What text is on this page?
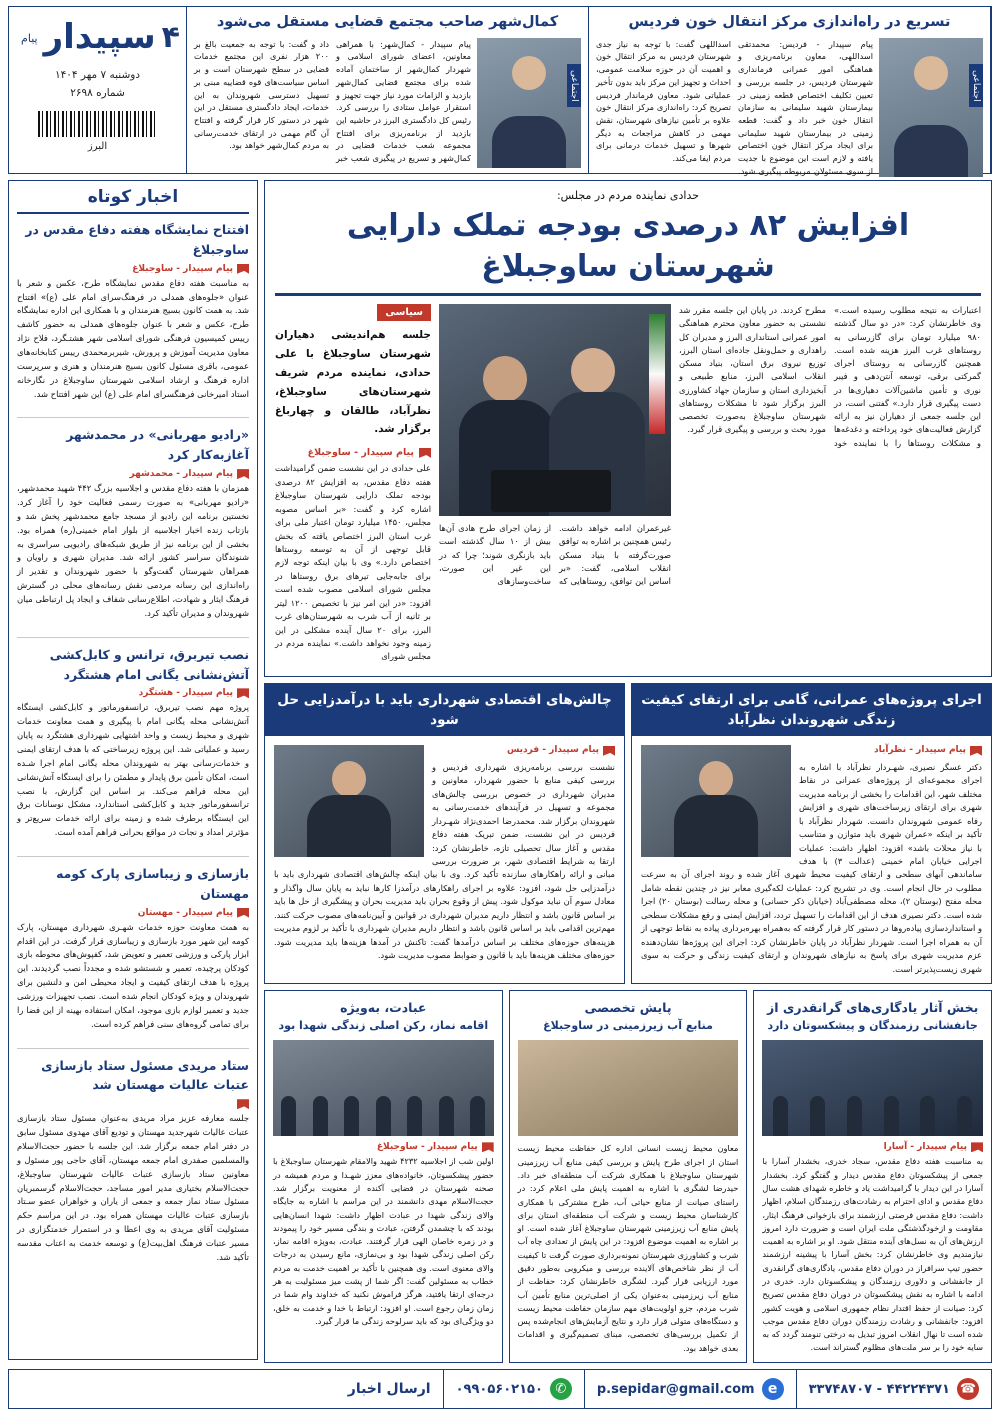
تسریع در راه‌اندازی مرکز انتقال خون فردیس
اجتماعی
پیام سپیدار - فردیس: محمدتقی اسداللهی، معاون برنامه‌ریزی و هماهنگی امور عمرانی فرمانداری شهرستان فردیس، در جلسه بررسی و تعیین تکلیف اختصاص قطعه زمینی در بیمارستان شهید سلیمانی به سازمان انتقال خون خبر داد و گفت: قطعه زمینی در بیمارستان شهید سلیمانی برای ایجاد مرکز انتقال خون اختصاص یافته و لازم است این موضوع با جدیت از سوی مسئولان مربوطه پیگیری شود. اسداللهی گفت: با توجه به نیاز جدی شهرستان فردیس به مرکز انتقال خون و اهمیت آن در حوزه سلامت عمومی، احداث و تجهیز این مرکز باید بدون تأخیر عملیاتی شود. معاون فرماندار فردیس تصریح کرد: راه‌اندازی مرکز انتقال خون علاوه بر تأمین نیازهای شهرستان، نقش مهمی در کاهش مراجعات به دیگر شهرها و تسهیل خدمات درمانی برای مردم ایفا می‌کند.
کمال‌شهر صاحب مجتمع قضایی مستقل می‌شود
اجتماعی
پیام سپیدار - کمال‌شهر: با همراهی معاونین، اعضای شورای اسلامی و شهردار کمال‌شهر از ساختمان آماده شده برای مجتمع قضایی کمال‌شهر بازدید و الزامات مورد نیاز جهت تجهیز و استقرار عوامل ستادی را بررسی کرد. رئیس کل دادگستری البرز در حاشیه این بازدید از برنامه‌ریزی برای افتتاح مجموعه شعب خدمات قضایی در کمال‌شهر و تسریع در پیگیری شعب خبر داد و گفت: با توجه به جمعیت بالغ بر ۲۰۰ هزار نفری این مجتمع خدمات قضایی در سطح شهرستان است و بر اساس سیاست‌های قوه قضاییه مبنی بر تسهیل دسترسی شهروندان به این خدمات، ایجاد دادگستری مستقل در این شهر در دستور کار قرار گرفته و افتتاح آن گام مهمی در ارتقای خدمت‌رسانی به مردم کمال‌شهر خواهد بود.
۴
سپیدار
پیام
دوشنبه ۷ مهر ۱۴۰۴
شماره ۲۶۹۸
البرز
حدادی نماینده مردم در مجلس:
افزایش ۸۲ درصدی بودجه تملک دارایی شهرستان ساوجبلاغ
اعتبارات به نتیجه مطلوب رسیده است.» وی خاطرنشان کرد: «در دو سال گذشته ۹۸۰ میلیارد تومان برای گازرسانی به روستاهای غرب البرز هزینه شده است. همچنین گازرسانی به روستای اجرای گمرکتی برقی، توسعه آنتن‌دهی و فیبر نوری و تأمین ماشین‌آلات دهیاری‌ها در دست پیگیری قرار دارد.» گفتنی است، در این جلسه جمعی از دهیاران نیز به ارائه گزارش فعالیت‌های خود پرداخته و دغدغه‌ها و مشکلات روستاها را با نماینده خود مطرح کردند. در پایان این جلسه مقرر شد نشستی به حضور معاون محترم هماهنگی امور عمرانی استانداری البرز و مدیران کل راهداری و حمل‌ونقل جاده‌ای استان البرز، توزیع نیروی برق استان، بنیاد مسکن انقلاب اسلامی البرز، منابع طبیعی و آبخیزداری استان و سازمان جهاد کشاورزی البرز برگزار شود تا مشکلات روستاهای شهرستان ساوجبلاغ به‌صورت تخصصی مورد بحث و بررسی و پیگیری قرار گیرد.
غیرعمران ادامه خواهد داشت. رئیس همچنین بر اشاره به توافق صورت‌گرفته با بنیاد مسکن انقلاب اسلامی، گفت: «بر اساس این توافق، روستاهایی که از زمان اجرای طرح هادی آن‌ها بیش از ۱۰ سال گذشته است باید بازنگری شوند؛ چرا که در این غیر این صورت، ساخت‌وسازهای
سیاسی
جلسه هم‌اندیشی دهیاران شهرستان ساوجبلاغ با علی حدادی، نماینده مردم شریف شهرستان‌های ساوجبلاغ، نظرآباد، طالقان و چهارباغ برگزار شد.
پیام سپیدار - ساوجبلاغ

علی حدادی در این نشست ضمن گرامیداشت هفته دفاع مقدس، به افزایش ۸۲ درصدی بودجه تملک دارایی شهرستان ساوجبلاغ اشاره کرد و گفت: «بر اساس مصوبه مجلس، ۱۴۵۰ میلیارد تومان اعتبار ملی برای غرب استان البرز اختصاص یافته که بخش قابل توجهی از آن به توسعه روستاها اختصاص دارد.» وی با بیان اینکه توجه لازم برای جابه‌جایی تیرهای برق روستاها در مجلس شورای اسلامی مصوب شده است افزود: «در این امر نیز با تخصیص ۱۲۰۰ لیتر بر ثانیه از آب شرب به شهرستان‌های غرب البرز، برای ۲۰ سال آینده مشکلی در این زمینه وجود نخواهد داشت.» نماینده مردم در مجلس شورای

اجرای پروژه‌های عمرانی، گامی برای ارتقای کیفیت زندگی شهروندان نظرآباد
پیام سپیدار - نظرآباد

دکتر عسگر نصیری، شهـردار نظرآباد با اشاره به اجرای مجموعه‌ای از پروژه‌های عمرانی در نقاط مختلف شهر، این اقدامات را بخشی از برنامه مدیریت شهری برای ارتقای زیرساخت‌های شهری و افزایش رفاه عمومی شهروندان دانست. شهردار نظرآباد با تأکید بر اینکه «عمران شهری باید متوازن و متناسب با نیاز محلات باشد» افزود: اظهار داشت: عملیات اجرایی خیابان امام خمینی (عدالت ۳) با هدف ساماندهی آبهای سطحی و ارتقای کیفیت محیط شهری آغاز شده و روند اجرای آن به سرعت مطلوب در حال انجام است. وی در تشریح کرد: عملیات لکه‌گیری معابر نیز در چندین نقطه شامل محله مفتح (بوستان ۲)، محله مصطفی‌آباد (خیابان ذکر حسانی) و محله رسالت (بوستان ۲۰) اجرا شده است. دکتر نصیری هدف از این اقدامات را تسهیل تردد، افزایش ایمنی و رفع مشکلات سطحی و استانداردسازی پیاده‌روها در دستور کار قرار گرفته که به‌همراه بهره‌برداری پیاده به نقاط توجهی از آن به همراه اجرا است. شهردار نظرآباد در پایان خاطرنشان کرد: اجرای این پروژه‌ها نشان‌دهنده عزم مدیریت شهری برای پاسخ به نیازهای شهروندان و ارتقای کیفیت زندگی و حرکت به سوی شهری زیست‌پذیرتر است.

چالش‌های اقتصادی شهرداری باید با درآمدزایی حل شود
پیام سپیدار - فردیس

نشست بررسی برنامه‌ریزی شهرداری فردیس و بررسی کیفی منابع با حضور شهردار، معاونین و مدیران شهرداری در خصوص بررسی چالش‌های مجموعه و تسهیل در فرآیندهای خدمت‌رسانی به شهروندان برگزار شد. محمدرضا احمدی‌نژاد شهـردار فردیس در این نشست، ضمن تبریک هفته دفاع مقدس و آغاز سال تحصیلی تازه، خاطرنشان کرد: ارتقا به شرایط اقتصادی شهر، بر ضرورت بررسی مبانی و ارائه راهکارهای سازنده تأکید کرد. وی با بیان اینکه چالش‌های اقتصادی شهرداری باید با درآمدزایی حل شود، افزود: علاوه بر اجرای راهکارهای درآمدزا کارها نباید به پایان سال واگذار و معادل سوم آن نباید موکول شود. پیش از وقوع بحران باید مدیریت بحران و پیشگیری از حل ها باید بر اساس قانون باشد و انتظار داریم مدیران شهرداری در قوانین و آیین‌نامه‌های مصوب حرکت کنند. مهم‌ترین اقدامی باید بر اساس قانون باشد و انتظار داریم مدیران شهرداری با تأکید بر لزوم مدیریت هزینه‌های حوزه‌های مختلف بر اساس درآمدها گفت: تاکنش در آمدها هزینه‌ها باید مدیریت شود. حوزه‌های مختلف هزینه‌ها باید با قانون و ضوابط مصوب مدیریت شود.

بخش آثار یادگاری‌های گرانقدری از
جانفشانی رزمندگان و پیشکسوتان دارد
پیام سپیدار - آسارا

به مناسبت هفته دفاع مقدس، سجاد خدری، بخشدار آسارا با جمعی از پیشکسوتان دفاع مقدس دیدار و گفتگو کرد. بخشدار آسارا در این دیدار با گرامیداشت یاد و خاطره شهدای هشت سال دفاع مقدس و ادای احترام به رشادت‌های رزمندگان اسلام، اظهار داشت: دفاع مقدس فرصتی ارزشمند برای بازخوانی فرهنگ ایثار، مقاومت و ازخودگذشتگی ملت ایران است و ضرورت دارد امروز ارزش‌های آن به نسل‌های آینده منتقل شود. او بر اشاره به اهمیت نیازمندیم وی خاطرنشان کرد: بخش آسارا با پیشینه ارزشمند حضور تیپ سرافراز در دوران دفاع مقدس، یادگاری‌های گرانقدری از جانفشانی و دلاوری رزمندگان و پیشکسوتان دارد. خدری در ادامه با اشاره به نقش پیشکسوتان در دوران دفاع مقدس تصریح کرد: صیانت از حفظ اقتدار نظام جمهوری اسلامی و هویت کشور افزود: جانفشانی و رشادت رزمندگان دوران دفاع مقدس موجب شده است تا نهال انقلاب امروز تبدیل به درختی تنومند گردد که به سایه خود را بر سر ملت‌های مظلوم گستراند است.

پایش تخصصی
منابع آب زیرزمینی در ساوجبلاغ

معاون محیط زیست انسانی اداره کل حفاظت محیط زیست استان از اجرای طرح پایش و بررسی کیفی منابع آب زیرزمینی شهرستان ساوجبلاغ با همکاری شرکت آب منطقه‌ای خبر داد. حیدرضا لشگری با اشاره به اهمیت پایش ملی اعلام کرد: در راستای صیانت از منابع حیاتی آب، طرح مشترکی با همکاری کارشناسان محیط زیست و شرکت آب منطقه‌ای استان برای پایش منابع آب زیرزمینی شهرستان ساوجبلاغ آغاز شده است. او بر اشاره به اهمیت موضوع افزود: در این پایش از تعدادی چاه آب شرب و کشاورزی شهرستان نمونه‌برداری صورت گرفت تا کیفیت آب از نظر شاخص‌های آلاینده بررسی و میکروبی به‌طور دقیق مورد ارزیابی قرار گیرد. لشگری خاطرنشان کرد: حفاظت از منابع آب زیرزمینی به‌عنوان یکی از اصلی‌ترین منابع تأمین آب شرب مردم، جزو اولویت‌های مهم سازمان حفاظت محیط زیست و دستگاه‌های متولی قرار دارد و نتایج آزمایش‌های انجام‌شده پس از تکمیل بررسی‌های تخصصی، مبنای تصمیم‌گیری و اقدامات بعدی خواهد بود.

عبادت، به‌ویژه
اقامه نماز، رکن اصلی زندگی شهدا بود
پیام سپیدار - ساوجبلاغ

اولین شب از اجلاسیه ۴۲۳۲ شهید والامقام شهرستان ساوجبلاغ با حضور پیشکسوتان، خانواده‌های معزز شهـدا و مردم همیشه در صحنه شهرستان در فضایی آکنده از معنویت برگزار شد. حجت‌الاسلام مهدی دانشمند در این مراسم با اشاره به جایگاه والای زندگی شهدا در عبادت اظهار داشت: شهدا انسان‌هایی بودند که با چشمدن گرفتن، عبادت و بندگی مسیر خود را پیمودند و در زمره خاصان الهی قرار گرفتند. عبادت، به‌ویژه اقامه نماز، رکن اصلی زندگی شهدا بود و بی‌نمازی، مانع رسیدن به درجات والای معنوی است. وی همچنین با تأکید بر اهمیت خدمت به مردم خطاب به مسئولین گفت: اگر شما از پشت میز مسئولیت به هر درجه‌ای ارتقا یافتید، هرگز فراموش نکنید که خداوند وام شما در زمان زمان رجوع است. او افزود: ارتباط با خدا و خدمت به خلق، دو ویژگی‌ای بود که باید سرلوحه زندگی ما قرار گیرد.

اخبار کوتاه
افتتاح نمایشگاه هفته دفاع مقدس در ساوجبلاغ
پیام سپیدار - ساوجبلاغ

به مناسبت هفته دفاع مقدس نمایشگاه طرح، عکس و شعر با عنوان «جلوه‌های همدلی در فرهنگ‌سرای امام علی (ع)» افتتاح شد. به همت کانون بسیج هنرمندان و با همکاری این اداره نمایشگاه طرح، عکس و شعر با عنوان جلوه‌های همدلی به حضور کاشف رییس کمیسیون فرهنگی شورای اسلامی شهر هشتـگرد، فلاح نژاد معاون مدیریت آموزش و پرورش، شیربرمحمدی رییس کتابخانه‌های عمومی، باقری مسئول کانون بسیج هنرمندان و هنری و سرپرست اداره فرهنگ و ارشاد اسلامی شهرستان ساوجبلاغ در نگارخانه استاد امیرخانی فرهنگسرای امام علی (ع) این شهر افتتاح شد.

«رادیو مهربانی» در محمدشهر آغازبه‌کار کرد
پیام سپیدار - محمدشهر

همزمان با هفته دفاع مقدس و اجلاسیه بزرگ ۴۴۲ شهید محمدشهر، «رادیو مهربانی» به صورت رسمی فعالیت خود را آغاز کرد. نخستین برنامه این رادیو از مسجد جامع محمدشهر پخش شد و بازتاب زنده اخبار اجلاسیه از بلوار امام خمینی(ره) همراه بود. بخشی از این برنامه نیز از طریق شبکه‌های رادیویی سراسری به شنوندگان سراسر کشور ارائه شد. مدیران شهری و راویان و همراهان شهرستان گفت‌وگو با حضور شهروندان و تقدیر از راه‌اندازی این رسانه مردمی نقش رسانه‌های محلی در گسترش فرهنگ ایثار و شهادت، اطلاع‌رسانی شفاف و ایجاد پل ارتباطی میان شهروندان و مدیران تأکید کرد.

نصب تیربرق، ترانس و کابل‌کشی آتش‌نشانی یگانی امام هشتگرد
پیام سپیدار - هشتگرد

پروژه مهم نصب تیربرق، ترانسفورماتور و کابل‌کشی ایستگاه آتش‌نشانی محله یگانی امام با پیگیری و همت معاونت خدمات شهری و محیط زیست و واحد اشتهایی شهرداری هشتگرد به پایان رسید و عملیاتی شد. این پروژه زیرساختی که با هدف ارتقای ایمنی و خدمات‌رسانی بهتر به شهروندان محله یگانی امام اجرا شـده است، امکان تأمین برق پایدار و مطمئن را برای ایستگاه آتش‌نشانی این محله فراهم می‌کند. بر اساس این گزارش، با نصب ترانسفورماتور جدید و کابل‌کشی استاندارد، مشکل نوسانات برق این ایستگاه برطرف شده و زمینه برای ارائه خدمات سریع‌تر و مؤثرتر امداد و نجات در مواقع بحرانی فراهم آمده است.

بازسازی و زیباسازی پارک کومه مهستان
پیام سپیدار - مهستان

به همت معاونت حوزه خدمات شهـری شهرداری مهستان، پارک کومه این شهر مورد بازسازی و زیباسازی قرار گرفت. در این اقدام ابزار پارکی و ورزشی تعمیر و تعویض شد، کفپوش‌های محوطه بازی کودکان پرچیده، تعمیر و شستشو شده و مجدداً نصب گردیدند. این پروژه با هدف ارتقای کیفیت و ایجاد محیطی امن و دلنشین برای شهروندان و ویژه کودکان انجام شده است. نصب تجهیزات ورزشی جدید و تعمیر لوازم بازی موجود، امکان استفاده بهینه از این فضا را برای تمامی گروه‌های سنی فراهم کرده است.

ستاد مریدی مسئول ستاد بازسازی عتبات عالیات مهستان شد

جلسه معارفه عزیز مراد مریدی به‌عنوان مسئول ستاد بازسازی عتبات عالیات شهرجدید مهستان و تودیع آقای مهدوی مسئول سابق در دفتر امام جمعه برگزار شد. این جلسه با حضور حجت‌الاسلام والمسلمین صفدری امام جمعه مهستان، آقای حاجی پور مسئول و معاونین ستاد بازسازی عتبات عالیات شهرستان ساوجبلاغ، حجت‌الاسلام بختیاری مدیر امور مساجد، حجت‌الاسلام گرسمبریان مسئول ستاد نماز جمعه و جمعی از یاران و خواهران عضو سـتاد بازسازی عتبات عالیات مهستان همراه بود. در این مراسم حکم مسئولیت آقای مریدی به وی اعطا و در استمرار خدمتگزاری در مسیر عتبات فرهنگ اهل‌بیت(ع) و توسعه خدمت به اعتاب مقدسه تأکید شد.

☎
۳۳۷۴۸۷۰۷ - ۴۴۲۲۴۳۷۱
e
p.sepidar@gmail.com
✆
۰۹۹۰۵۶۰۲۱۵۰
ارسال اخبار
